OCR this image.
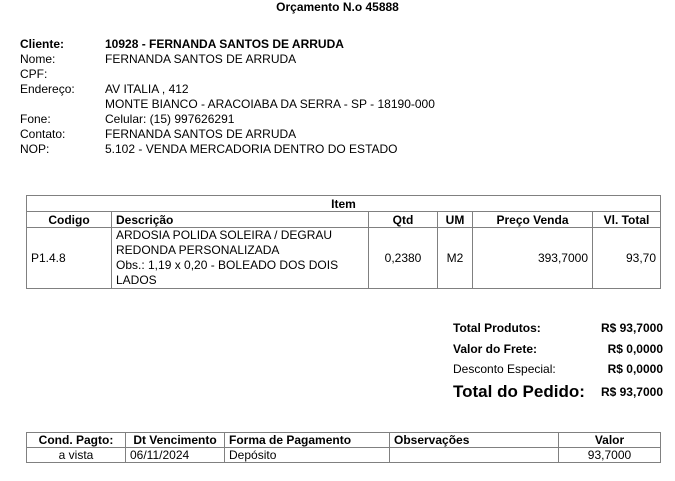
Orçamento N.o 45888
Cliente:	10928 - FERNANDA SANTOS DE ARRUDA
Nome:	FERNANDA SANTOS DE ARRUDA
CPF:
Endereço:	AV ITALIA , 412
MONTE BIANCO - ARACOIABA DA SERRA - SP - 18190-000
Fone:	Celular: (15) 997626291
Contato:	FERNANDA SANTOS DE ARRUDA
NOP:	5.102 - VENDA MERCADORIA DENTRO DO ESTADO
Item					
Codigo	Descrição	Qtd	UM	Preço Venda	Vl. Total
P1.4.8	ARDOSIA POLIDA SOLEIRA / DEGRAU
REDONDA PERSONALIZADA
Obs.: 1,19 x 0,20 - BOLEADO DOS DOIS
LADOS	0,2380	M2	393,7000	93,70
Total Produtos:	R$ 93,7000
Valor do Frete:	R$ 0,0000
Desconto Especial:	R$ 0,0000
Total do Pedido: R$ 93,7000
Cond. Pagto:	Dt Vencimento	Forma de Pagamento	Observações	Valor
a vista	06/11/2024	Depósito		93,7000
